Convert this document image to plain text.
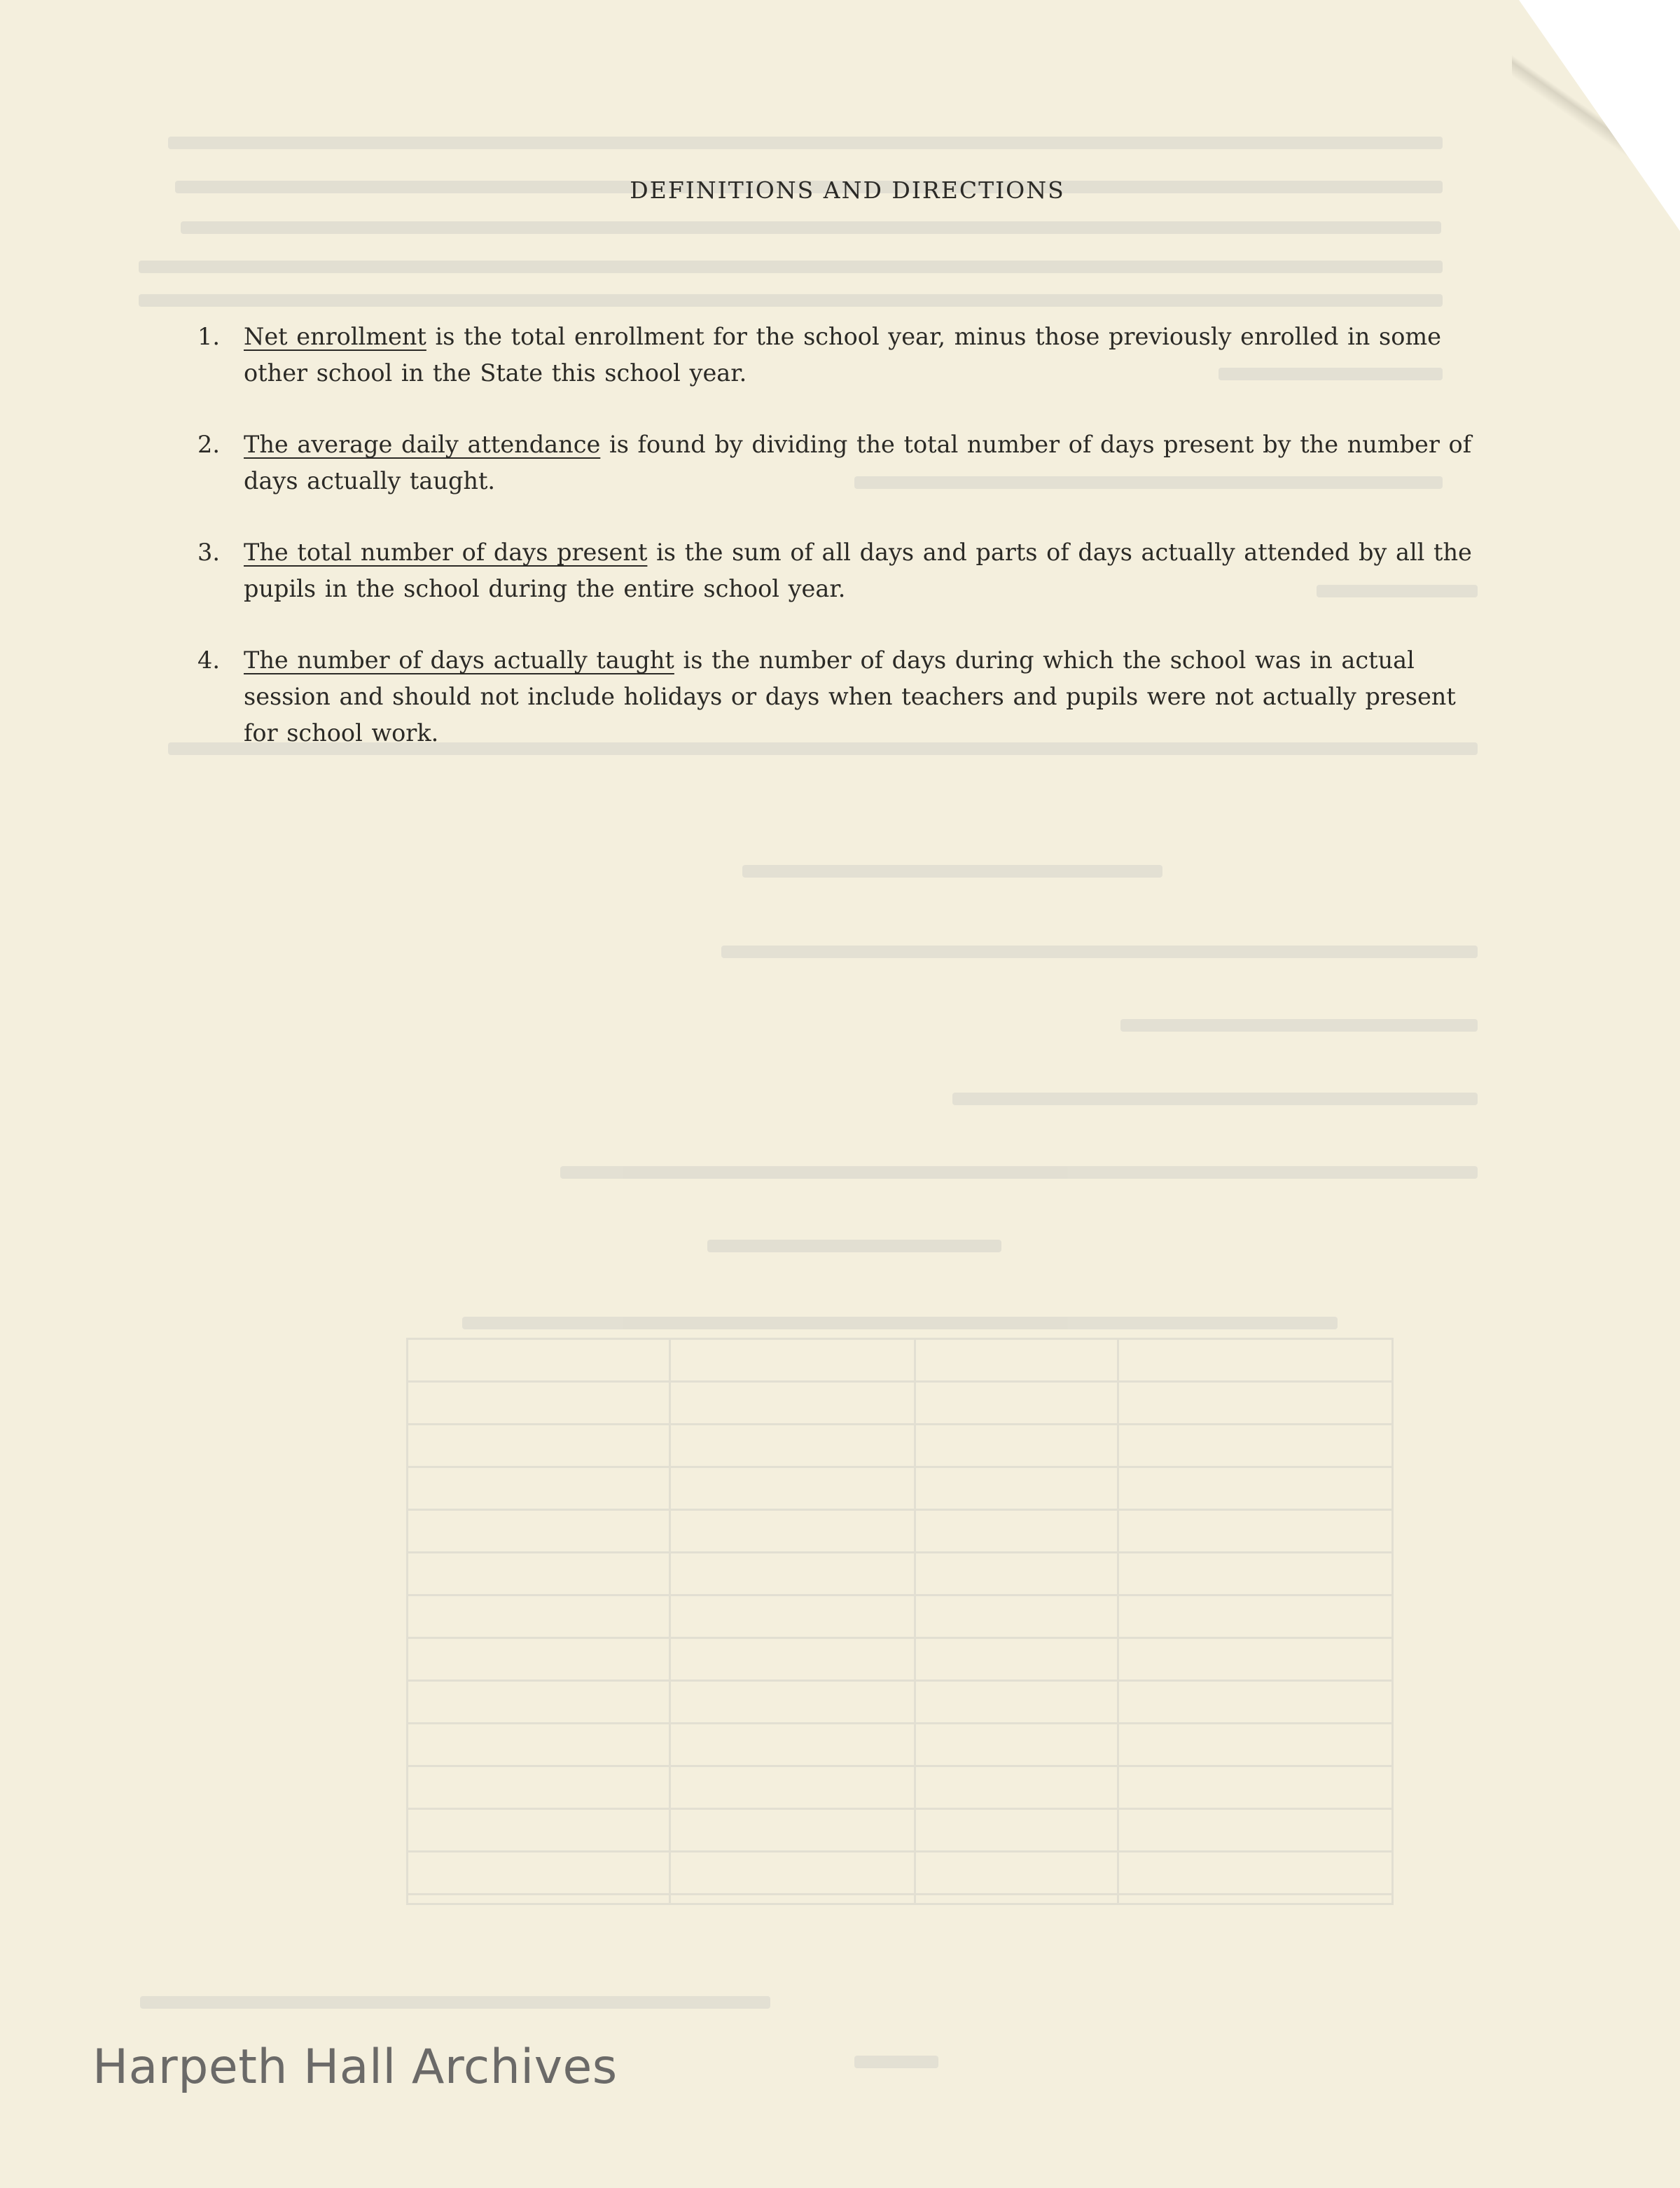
DEFINITIONS AND DIRECTIONS
1. Net enrollment is the total enrollment for the school year, minus those previously enrolled in some other school in the State this school year.
2. The average daily attendance is found by dividing the total number of days present by the number of days actually taught.
3. The total number of days present is the sum of all days and parts of days actually attended by all the pupils in the school during the entire school year.
4. The number of days actually taught is the number of days during which the school was in actual session and should not include holidays or days when teachers and pupils were not actually present for school work.
Harpeth Hall Archives
